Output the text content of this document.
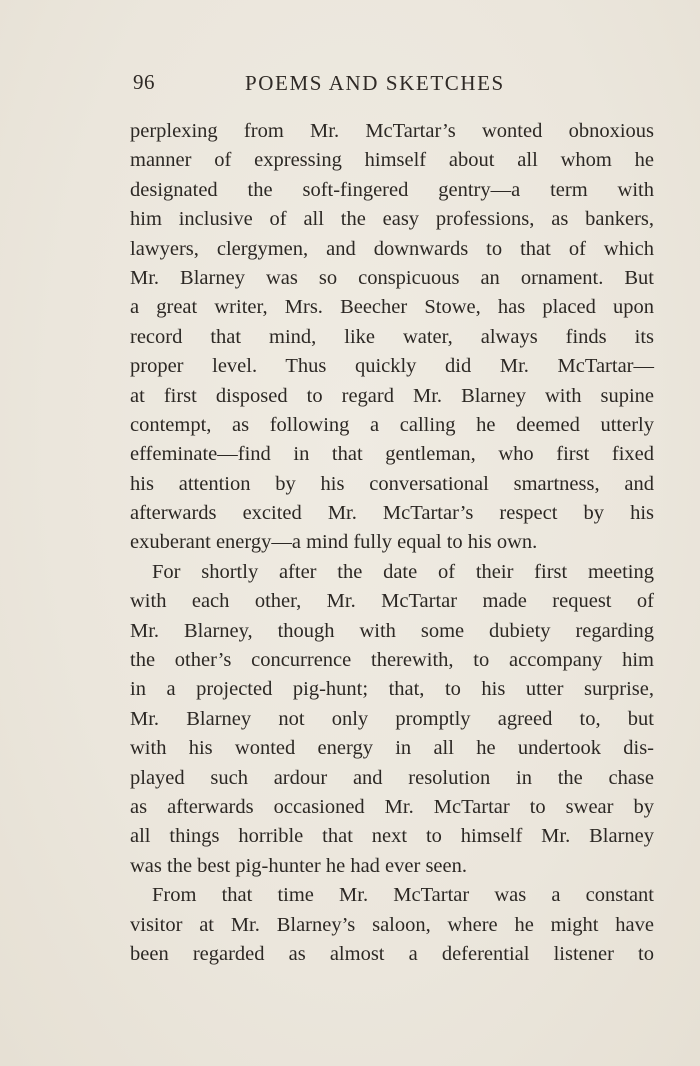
96	POEMS AND SKETCHES
perplexing from Mr. McTartar’s wonted obnoxious
manner of expressing himself about all whom he
designated the soft-fingered gentry—a term with
him inclusive of all the easy professions, as bankers,
lawyers, clergymen, and downwards to that of which
Mr. Blarney was so conspicuous an ornament. But
a great writer, Mrs. Beecher Stowe, has placed upon
record that mind, like water, always finds its
proper level. Thus quickly did Mr. McTartar—
at first disposed to regard Mr. Blarney with supine
contempt, as following a calling he deemed utterly
effeminate—find in that gentleman, who first fixed
his attention by his conversational smartness, and
afterwards excited Mr. McTartar’s respect by his
exuberant energy—a mind fully equal to his own.
For shortly after the date of their first meeting
with each other, Mr. McTartar made request of
Mr. Blarney, though with some dubiety regarding
the other’s concurrence therewith, to accompany him
in a projected pig-hunt; that, to his utter surprise,
Mr. Blarney not only promptly agreed to, but
with his wonted energy in all he undertook dis-
played such ardour and resolution in the chase
as afterwards occasioned Mr. McTartar to swear by
all things horrible that next to himself Mr. Blarney
was the best pig-hunter he had ever seen.
From that time Mr. McTartar was a constant
visitor at Mr. Blarney’s saloon, where he might have
been regarded as almost a deferential listener to
